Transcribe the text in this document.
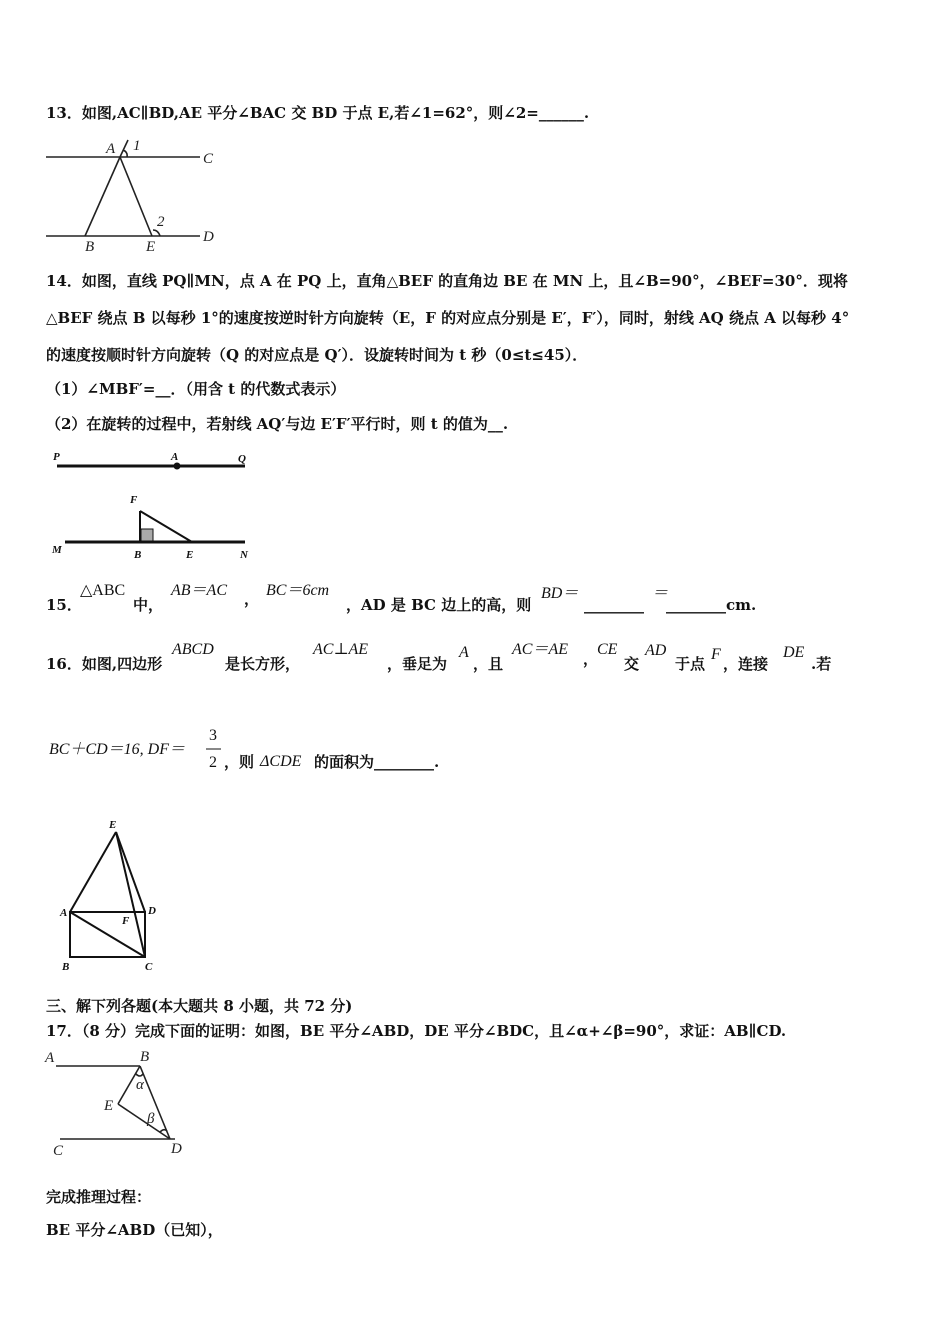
13．如图,AC∥BD,AE 平分∠BAC 交 BD 于点 E,若∠1=62°，则∠2=______.
A 1
C
2
B	E
D
14．如图，直线 PQ∥MN，点 A 在 PQ 上，直角△BEF 的直角边 BE 在 MN 上，且∠B=90°，∠BEF=30°．现将
△BEF 绕点 B 以每秒 1°的速度按逆时针方向旋转（E，F 的对应点分别是 E′，F′），同时，射线 AQ 绕点 A 以每秒 4°
的速度按顺时针方向旋转（Q 的对应点是 Q′）．设旋转时间为 t 秒（0≤t≤45）．
（1）∠MBF′=__．（用含 t 的代数式表示）
（2）在旋转的过程中，若射线 AQ′与边 E′F′平行时，则 t 的值为__.
P	A	Q
F
M	B	E	N
15．
△ABC
中，
AB＝AC ， BC＝6cm
，AD 是 BC 边上的高，则
BD＝
________
＝
________cm.
16．如图,四边形
ABCD
是长方形，
AC⊥AE
，垂足为
A
，且
AC＝AE
，
CE
交
AD
于点
F
，连接
DE
.若
BC＋CD＝16, DF＝
3
2 ，则 ΔCDE 的面积为________.
E
A	D
F
B	C
三、解下列各题(本大题共 8 小题，共 72 分)
17．（8 分）完成下面的证明：如图，BE 平分∠ABD，DE 平分∠BDC，且∠α+∠β=90°，求证：AB∥CD.
A	B
α
E
β
C	D
完成推理过程：
BE 平分∠ABD（已知），
